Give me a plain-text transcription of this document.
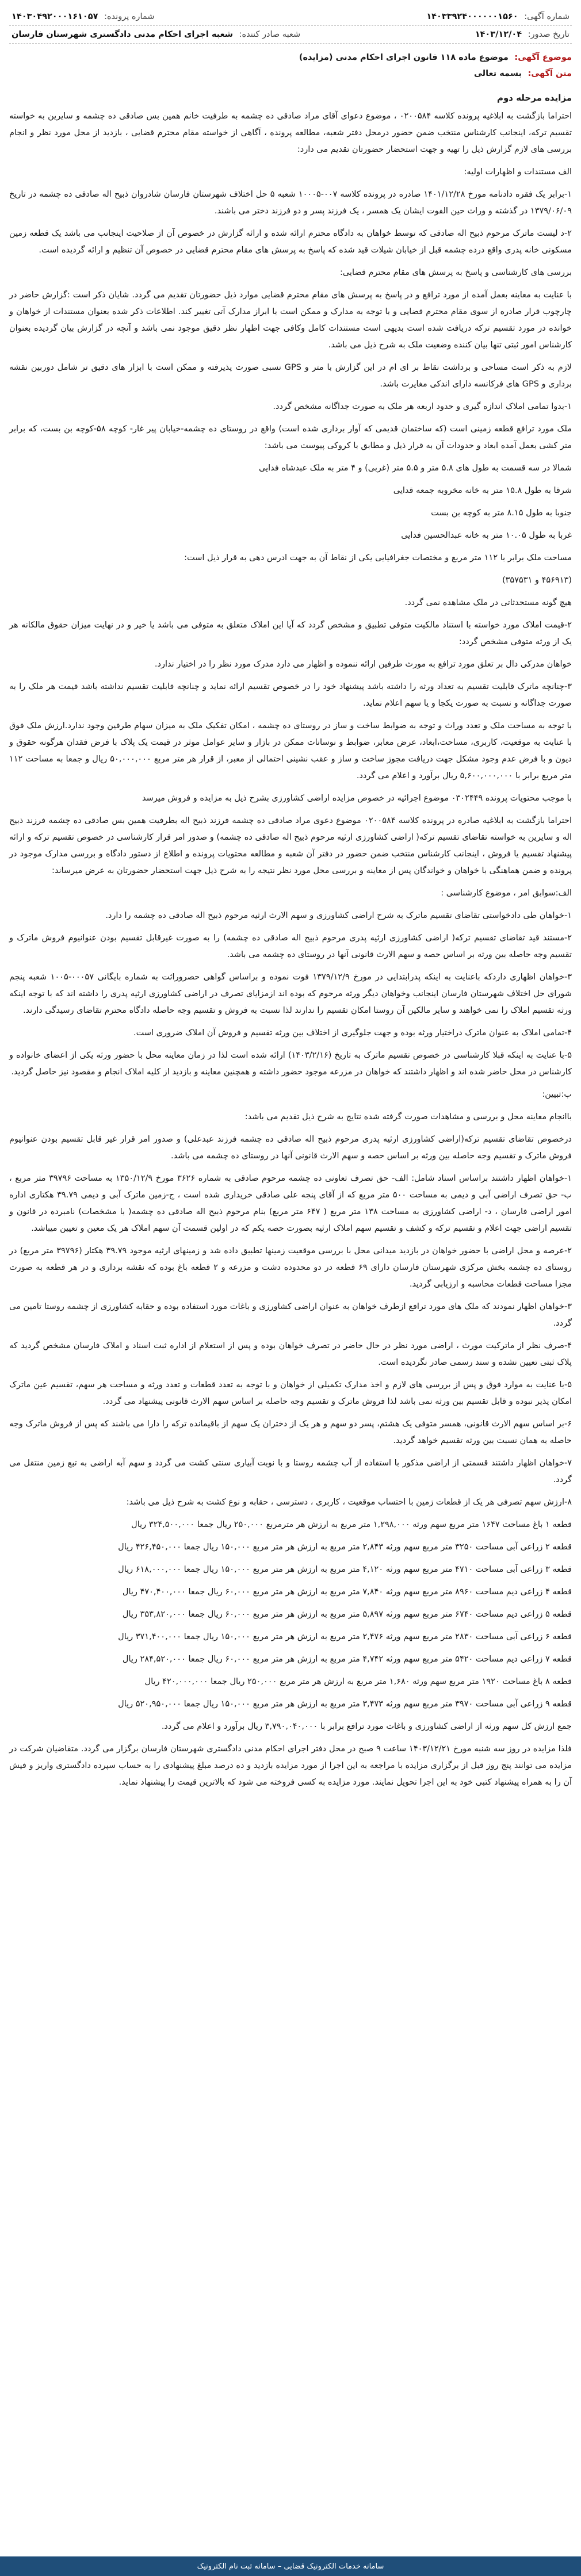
شماره آگهی: ۱۴۰۳۳۹۲۴۰۰۰۰۰۰۱۵۶۰
شماره پرونده: ۱۴۰۳۰۴۹۲۰۰۰۱۶۱۰۵۷
تاریخ صدور: ۱۴۰۳/۱۲/۰۴
شعبه صادر کننده: شعبه اجرای احکام مدنی دادگستری شهرستان فارسان
موضوع آگهی: موضوع ماده ۱۱۸ قانون اجرای احکام مدنی (مزایده)
متن آگهی: بسمه تعالی
مزایده مرحله دوم

احتراما بازگشت به ابلاغیه پرونده کلاسه ۰۲۰۰۵۸۴ ، موضوع دعوای آقای مراد صادقی ده چشمه به طرفیت خانم همین بس صادقی ده چشمه و سایرین به خواسته تقسیم ترکه، اینجانب کارشناس منتخب ضمن حضور درمحل دفتر شعبه، مطالعه پرونده ، آگاهی از خواسته مقام محترم قضایی ، بازدید از محل مورد نظر و انجام بررسی های لازم گزارش ذیل را تهیه و جهت استحضار حضورتان تقدیم می دارد:

الف‌ مستندات و اظهارات اولیه:

۱-برابر یک فقره دادنامه مورخ ۱۴۰۱/۱۲/۲۸ صادره در پرونده کلاسه ۰۰۷-۱۰۰۰۵ شعبه ۵ حل اختلاف شهرستان فارسان شادروان ذبیح اله صادقی ده چشمه در تاریخ ۱۳۷۹/۰۶/۰۹ در گذشته و وراث حین الفوت ایشان یک همسر ، یک فرزند پسر و دو فرزند دختر می باشند.

۲-د لیست ماترک مرحوم ذبیح اله صادقی که توسط خواهان به دادگاه محترم ارائه شده و ارائه گزارش در خصوص آن از صلاحیت اینجانب می باشد یک قطعه زمین مسکونی خانه پدری واقع درده چشمه قبل از خیابان شیلات قید شده که پاسخ به پرسش های مقام محترم قضایی در خصوص آن تنظیم و ارائه گردیده است.

بررسی های کارشناسی و پاسخ به پرسش های مقام محترم قضایی:

با عنایت به معاینه بعمل آمده از مورد ترافع و در پاسخ به پرسش های مقام محترم قضایی موارد ذیل حضورتان تقدیم می گردد. شایان ذکر است :گزارش حاضر در چارچوب قرار صادره از سوی مقام محترم قضایی و با توجه به مدارک و ممکن است با ابراز مدارک آتی تغییر کند. اطلاعات ذکر شده بعنوان مستندات از خواهان و خوانده در مورد تقسیم ترکه دریافت شده است بدیهی است مستندات کامل وکافی جهت اظهار نظر دقیق موجود نمی باشد و آنچه در گزارش بیان گردیده بعنوان کارشناس امور ثبتی تنها بیان کننده وضعیت ملک به شرح ذیل می باشد.

لازم به ذکر است مساحی و برداشت نقاط بر ای ام در این گزارش با متر و GPS نسبی صورت پذیرفته و ممکن است با ابزار های دقیق تر شامل دوربین نقشه برداری و GPS های فرکانسه دارای اندکی مغایرت باشد.

۱-بدوا تمامی املاک اندازه گیری و حدود اربعه هر ملک به صورت جداگانه مشخص گردد.

ملک مورد ترافع قطعه زمینی است (که ساختمان قدیمی که آوار برداری شده است) واقع در روستای ده چشمه-خیابان پیر غار- کوچه ۵۸-کوچه بن بست، که برابر متر کشی بعمل آمده ابعاد و حدودات آن به قرار ذیل و مطابق با کروکی پیوست می باشد:

شمالا در سه قسمت به طول های ۵.۸ متر و ۵.۵ متر (غربی) و ۴ متر به ملک عبدشاه فدایی

شرقا به طول ۱۵.۸ متر به خانه مخروبه جمعه قدایی

جنوبا به طول ۸.۱۵ متر به کوچه بن بست

غربا به طول ۱۰.۰۵ متر به خانه عبدالحسین فدایی

مساحت ملک برابر با ۱۱۲ متر مربع و مختصات جغرافیایی یکی از نقاط آن به جهت ادرس دهی به قرار ذیل است:

(۴۵۶۹۱۳ و ۳۵۷۵۳۱)

هیچ گونه مستحدثاتی در ملک مشاهده نمی گردد.

۲-قیمت املاک مورد خواسته با استناد مالکیت متوفی تطبیق و مشخص گردد که آیا این املاک متعلق به متوفی می باشد یا خیر و در نهایت میزان حقوق مالکانه هر یک از ورثه متوفی مشخص گردد:

خواهان مدرکی دال بر تعلق مورد ترافع به مورث طرفین ارائه ننموده و اظهار می دارد مدرک مورد نظر را در اختیار ندارد.

۳-چنانچه ماترک قابلیت تقسیم به تعداد ورثه را داشته باشد پیشنهاد خود را در خصوص تقسیم ارائه نماید و چنانچه قابلیت تقسیم نداشته باشد قیمت هر ملک را به صورت جداگانه و نسبت به صورت یکجا و یا سهم اعلام نماید.

با توجه به مساحت ملک و تعدد وراث و توجه به ضوابط ساخت و ساز در روستای ده چشمه ، امکان تفکیک ملک به میزان سهام طرفین وجود ندارد.ارزش ملک فوق با عنایت به موقعیت، کاربری، مساحت،ابعاد، عرض معابر، ضوابط و نوسانات ممکن در بازار و سایر عوامل موثر در قیمت یک پلاک با فرض فقدان هرگونه حقوق و دیون و با فرض عدم وجود مشکل جهت دریافت مجوز ساخت و ساز و عقب نشینی احتمالی از معبر، از قرار هر متر مربع ۵۰,۰۰۰,۰۰۰ ریال و جمعا به مساحت ۱۱۲ متر مربع برابر با ۵,۶۰۰,۰۰۰,۰۰۰ ریال برآورد و اعلام می گردد.

با موجب محتویات پرونده ۰۳۰۲۴۴۹ موضوع اجرائیه در خصوص مزایده اراضی کشاورزی بشرح ذیل به مزایده و فروش میرسد

احتراما بازگشت به ابلاغیه صادره در پرونده کلاسه ۰۲۰۰۵۸۴ موضوع دعوی مراد صادقی ده چشمه فرزند ذبیح اله بطرفیت همین بس صادقی ده چشمه فرزند ذبیح اله و سایرین به خواسته تقاضای تقسیم ترکه( اراضی کشاورزی ارثیه مرحوم ذبیح اله صادقی ده چشمه) و صدور امر قرار کارشناسی در خصوص تقسیم ترکه و ارائه پیشنهاد تقسیم یا فروش ، اینجانب کارشناس منتخب ضمن حضور در دفتر آن شعبه و مطالعه محتویات پرونده و اطلاع از دستور دادگاه و بررسی مدارک موجود در پرونده و ضمن هماهنگی با خواهان و خواندگان پس از معاینه و بررسی محل مورد نظر نتیجه را به شرح ذیل جهت استحضار حضورتان به عرض میرساند:

الف:سوابق امر ، موضوع کارشناسی :

۱-خواهان طی دادخواستی تقاضای تقسیم ماترک به شرح اراضی کشاورزی و سهم الارث ارثیه مرحوم ذبیح اله صادقی ده چشمه را دارد.

۲-مستند قید تقاضای تقسیم ترکه( اراضی کشاورزی ارثیه پدری مرحوم ذبیح اله صادقی ده چشمه) را به صورت غیرقابل تقسیم بودن عنوانیوم فروش ماترک و تقسیم وجه حاصله بین ورثه بر اساس حصه و سهم الارث قانونی آنها در روستای ده چشمه می باشد.

۳-خواهان اظهاری داردکه باعنایت به اینکه پدرابتدایی در مورخ ۱۳۷۹/۱۲/۹ فوت نموده و براساس گواهی حصروراثت به شماره بایگانی ۰۰۰۵۷-۱۰۰۵ شعبه پنجم شورای حل اختلاف شهرستان فارسان اینجانب وخواهان دیگر ورثه مرحوم که بوده اند ازمزایای تصرف در اراضی کشاورزی ارثیه پدری را داشته اند که با توجه اینکه ورثه تقسیم املاک را نمی خواهند و سایر مالکین آن روستا امکان تقسیم را ندارند لذا نسبت به فروش و تقسیم وجه حاصله دادگاه محترم تقاضای رسیدگی دارند.

۴-تمامی املاک به عنوان ماترک دراختیار ورثه بوده و جهت جلوگیری از اختلاف بین ورثه تقسیم و فروش آن املاک ضروری است.

۵-با عنایت به اینکه قبلا کارشناسی در خصوص تقسیم ماترک به تاریخ (۱۴۰۳/۲/۱۶) ارائه شده است لذا در زمان معاینه محل با حضور ورثه یکی از اعضای خانواده و کارشناس در محل حاضر شده اند و اظهار داشتند که خواهان در مزرعه موجود حضور داشته و همچنین معاینه و بازدید از کلیه املاک انجام و مقصود نیز حاصل گردید.

ب:تبیین:

باانجام معاینه محل و بررسی و مشاهدات صورت گرفته شده نتایج به شرح ذیل تقدیم می باشد:

درخصوص تقاضای تقسیم ترکه(اراضی کشاورزی ارثیه پدری مرحوم ذبیح اله صادقی ده چشمه فرزند عبدعلی) و صدور امر قرار غیر قابل تقسیم بودن عنوانیوم فروش ماترک و تقسیم وجه حاصله بین ورثه بر اساس حصه و سهم الارث قانونی آنها در روستای ده چشمه می باشد.

۱-خواهان اظهار داشتند براساس اسناد شامل: الف- حق تصرف تعاونی ده چشمه مرحوم صادقی به شماره ۳۶۲۶ مورخ ۱۳۵۰/۱۲/۹ به مساحت ۳۹۷۹۶ متر مربع ، ب- حق تصرف اراضی آبی و دیمی به مساحت ۵۰۰ متر مربع که از آقای پنجه علی صادقی خریداری شده است ، ج-زمین ماترک آبی و دیمی ۳۹.۷۹ هکتاری اداره امور اراضی فارسان ، د- اراضی کشاورزی به مساحت ۱۳۸ متر مربع ( ۶۴۷ متر مربع) بنام مرحوم ذبیح اله صادقی ده چشمه( با مشخصات) نامبرده در قانون و تقسیم اراضی جهت اعلام و تقسیم ترکه و کشف و تقسیم سهم املاک ارثیه بصورت حصه یکم که در اولین قسمت آن سهم املاک هر یک معین و تعیین میباشد.

۲-عرصه و محل اراضی با حضور خواهان در بازدید میدانی محل با بررسی موقعیت زمینها تطبیق داده شد و زمینهای ارثیه موجود ۳۹.۷۹ هکتار (۳۹۷۹۶ متر مربع) در روستای ده چشمه بخش مرکزی شهرستان فارسان دارای ۶۹ قطعه در دو محدوده دشت و مزرعه و ۲ قطعه باغ بوده که نقشه برداری و در هر قطعه به صورت مجزا مساحت قطعات محاسبه و ارزیابی گردید.

۳-خواهان اظهار نمودند که ملک های مورد ترافع ازطرف خواهان به عنوان اراضی کشاورزی و باغات مورد استفاده بوده و حقابه کشاورزی از چشمه روستا تامین می گردد.

۴-صرف نظر از ماترکیت مورث ، اراضی مورد نظر در حال حاضر در تصرف خواهان بوده و پس از استعلام از اداره ثبت اسناد و املاک فارسان مشخص گردید که پلاک ثبتی تعیین نشده و سند رسمی صادر نگردیده است.

۵-با عنایت به موارد فوق و پس از بررسی های لازم و اخذ مدارک تکمیلی از خواهان و با توجه به تعدد قطعات و تعدد ورثه و مساحت هر سهم، تقسیم عین ماترک امکان پذیر نبوده و قابل تقسیم بین ورثه نمی باشد لذا فروش ماترک و تقسیم وجه حاصله بر اساس سهم الارث قانونی پیشنهاد می گردد.

۶-بر اساس سهم الارث قانونی، همسر متوفی یک هشتم، پسر دو سهم و هر یک از دختران یک سهم از باقیمانده ترکه را دارا می باشند که پس از فروش ماترک وجه حاصله به همان نسبت بین ورثه تقسیم خواهد گردید.

۷-خواهان اظهار داشتند قسمتی از اراضی مذکور با استفاده از آب چشمه روستا و با نوبت آبیاری سنتی کشت می گردد و سهم آبه اراضی به تبع زمین منتقل می گردد.

۸-ارزش سهم تصرفی هر یک از قطعات زمین با احتساب موقعیت ، کاربری ، دسترسی ، حقابه و نوع کشت به شرح ذیل می باشد:

قطعه ۱ باغ مساحت ۱۶۴۷ متر مربع سهم ورثه ۱,۲۹۸,۰۰۰ متر مربع به ارزش هر مترمربع ۲۵۰,۰۰۰ ریال جمعا ۳۲۴,۵۰۰,۰۰۰ ریال

قطعه ۲ زراعی آبی مساحت ۳۲۵۰ متر مربع سهم ورثه ۲,۸۴۳ متر مربع به ارزش هر متر مربع ۱۵۰,۰۰۰ ریال جمعا ۴۲۶,۴۵۰,۰۰۰ ریال

قطعه ۳ زراعی آبی مساحت ۴۷۱۰ متر مربع سهم ورثه ۴,۱۲۰ متر مربع به ارزش هر متر مربع ۱۵۰,۰۰۰ ریال جمعا ۶۱۸,۰۰۰,۰۰۰ ریال

قطعه ۴ زراعی دیم مساحت ۸۹۶۰ متر مربع سهم ورثه ۷,۸۴۰ متر مربع به ارزش هر متر مربع ۶۰,۰۰۰ ریال جمعا ۴۷۰,۴۰۰,۰۰۰ ریال

قطعه ۵ زراعی دیم مساحت ۶۷۴۰ متر مربع سهم ورثه ۵,۸۹۷ متر مربع به ارزش هر متر مربع ۶۰,۰۰۰ ریال جمعا ۳۵۳,۸۲۰,۰۰۰ ریال

قطعه ۶ زراعی آبی مساحت ۲۸۳۰ متر مربع سهم ورثه ۲,۴۷۶ متر مربع به ارزش هر متر مربع ۱۵۰,۰۰۰ ریال جمعا ۳۷۱,۴۰۰,۰۰۰ ریال

قطعه ۷ زراعی دیم مساحت ۵۴۲۰ متر مربع سهم ورثه ۴,۷۴۲ متر مربع به ارزش هر متر مربع ۶۰,۰۰۰ ریال جمعا ۲۸۴,۵۲۰,۰۰۰ ریال

قطعه ۸ باغ مساحت ۱۹۲۰ متر مربع سهم ورثه ۱,۶۸۰ متر مربع به ارزش هر متر مربع ۲۵۰,۰۰۰ ریال جمعا ۴۲۰,۰۰۰,۰۰۰ ریال

قطعه ۹ زراعی آبی مساحت ۳۹۷۰ متر مربع سهم ورثه ۳,۴۷۳ متر مربع به ارزش هر متر مربع ۱۵۰,۰۰۰ ریال جمعا ۵۲۰,۹۵۰,۰۰۰ ریال

جمع ارزش کل سهم ورثه از اراضی کشاورزی و باغات مورد ترافع برابر با ۳,۷۹۰,۰۴۰,۰۰۰ ریال برآورد و اعلام می گردد.

فلذا مزایده در روز سه شنبه مورخ ۱۴۰۳/۱۲/۲۱ ساعت ۹ صبح در محل دفتر اجرای احکام مدنی دادگستری شهرستان فارسان برگزار می گردد. متقاضیان شرکت در مزایده می توانند پنج روز قبل از برگزاری مزایده با مراجعه به این اجرا از مورد مزایده بازدید و ده درصد مبلغ پیشنهادی را به حساب سپرده دادگستری واریز و فیش آن را به همراه پیشنهاد کتبی خود به این اجرا تحویل نمایند. مورد مزایده به کسی فروخته می شود که بالاترین قیمت را پیشنهاد نماید.

سامانه خدمات الکترونیک قضایی – سامانه ثبت نام الکترونیک
